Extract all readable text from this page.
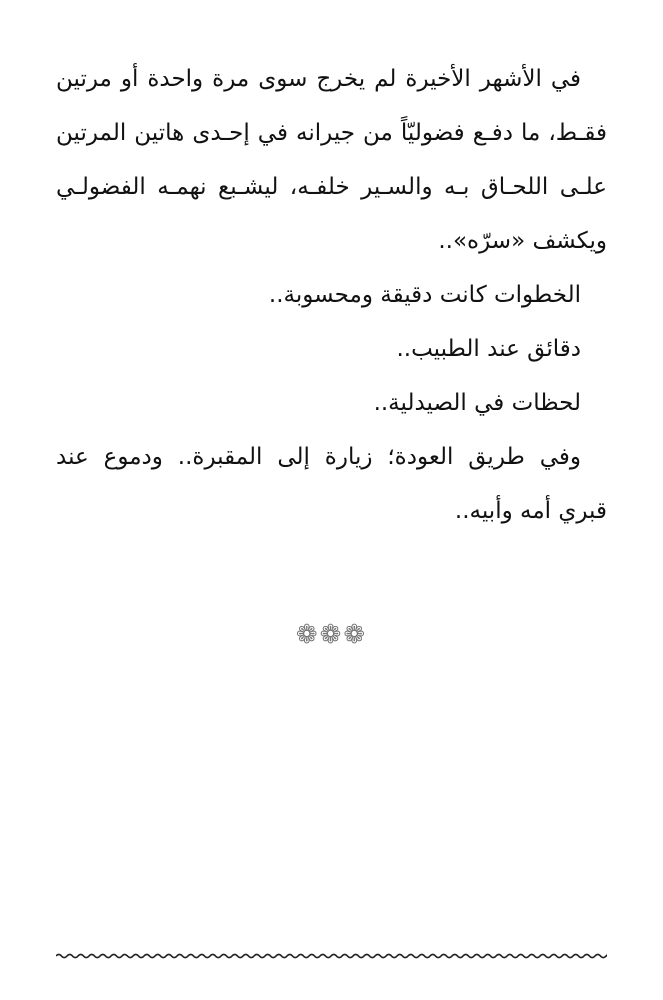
في الأشهر الأخيرة لم يخرج سوى مرة واحدة أو مرتين فقـط، ما دفـع فضوليّاً من جيرانه في إحـدى هاتين المرتين علـى اللحـاق بـه والسـير خلفـه، ليشـبع نهمـه الفضولـي ويكشف «سرّه»..

الخطوات كانت دقيقة ومحسوبة..

دقائق عند الطبيب..

لحظات في الصيدلية..

وفي طريق العودة؛ زيارة إلى المقبرة.. ودموع عند قبري أمه وأبيه..

❁❁❁
